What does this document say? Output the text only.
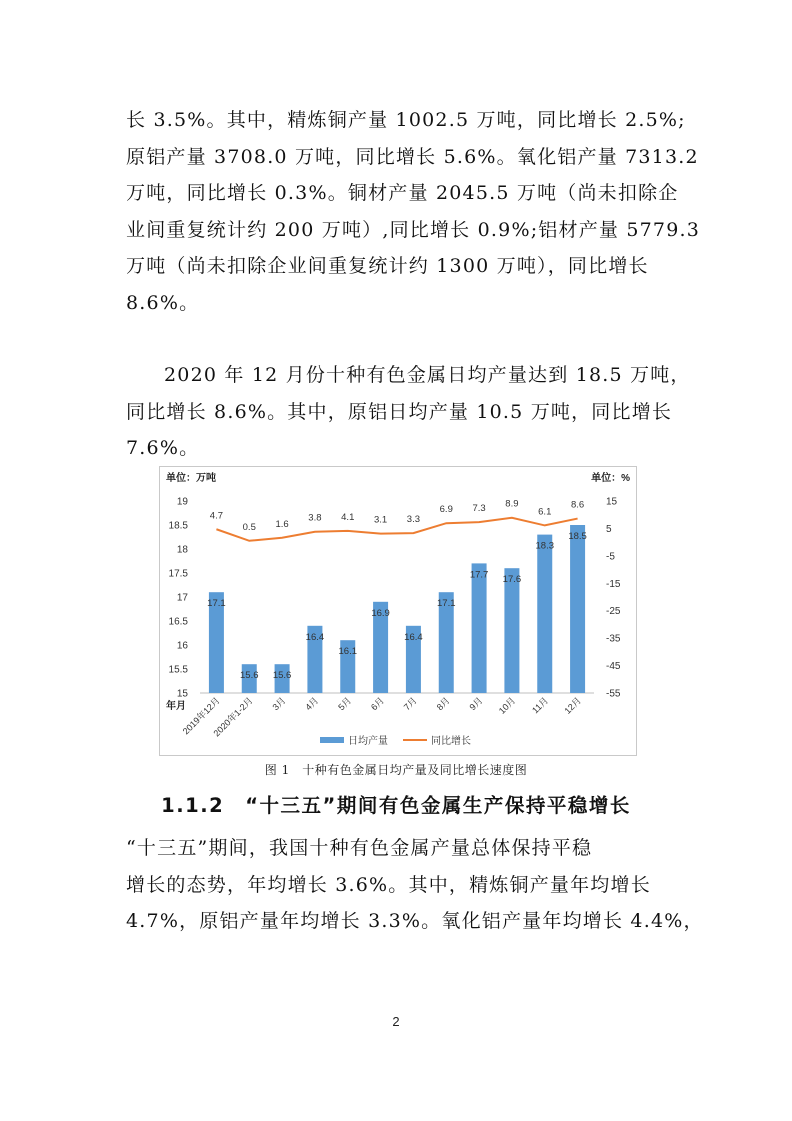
长 3.5%。其中，精炼铜产量 1002.5 万吨，同比增长 2.5%;
原铝产量 3708.0 万吨，同比增长 5.6%。氧化铝产量 7313.2
万吨，同比增长 0.3%。铜材产量 2045.5 万吨（尚未扣除企
业间重复统计约 200 万吨）,同比增长 0.9%;铝材产量 5779.3
万吨（尚未扣除企业间重复统计约 1300 万吨），同比增长
8.6%。
2020 年 12 月份十种有色金属日均产量达到 18.5 万吨，
同比增长 8.6%。其中，原铝日均产量 10.5 万吨，同比增长
7.6%。
单位：万吨	单位：%
19
18.5
18
17.5
17
16.5
16
15.5
15
15
5
-5
-15
-25
-35
-45
-55
17.1
15.6 15.6
16.4
16.1
16.9
16.4
17.1
17.7 17.6
18.3
18.5
4.7
0.5 1.6
3.8 4.1 3.1 3.3
6.9 7.3 8.9
6.1
8.6
年月
2019年12月
2020年1-2月 3月 4月 5月 6月 7月 8月 9月 10月 11月 12月
日均产量	同比增长
图 1　十种有色金属日均产量及同比增长速度图
1.1.2　“十三五”期间有色金属生产保持平稳增长
“十三五”期间，我国十种有色金属产量总体保持平稳
增长的态势，年均增长 3.6%。其中，精炼铜产量年均增长
4.7%，原铝产量年均增长 3.3%。氧化铝产量年均增长 4.4%，
2
